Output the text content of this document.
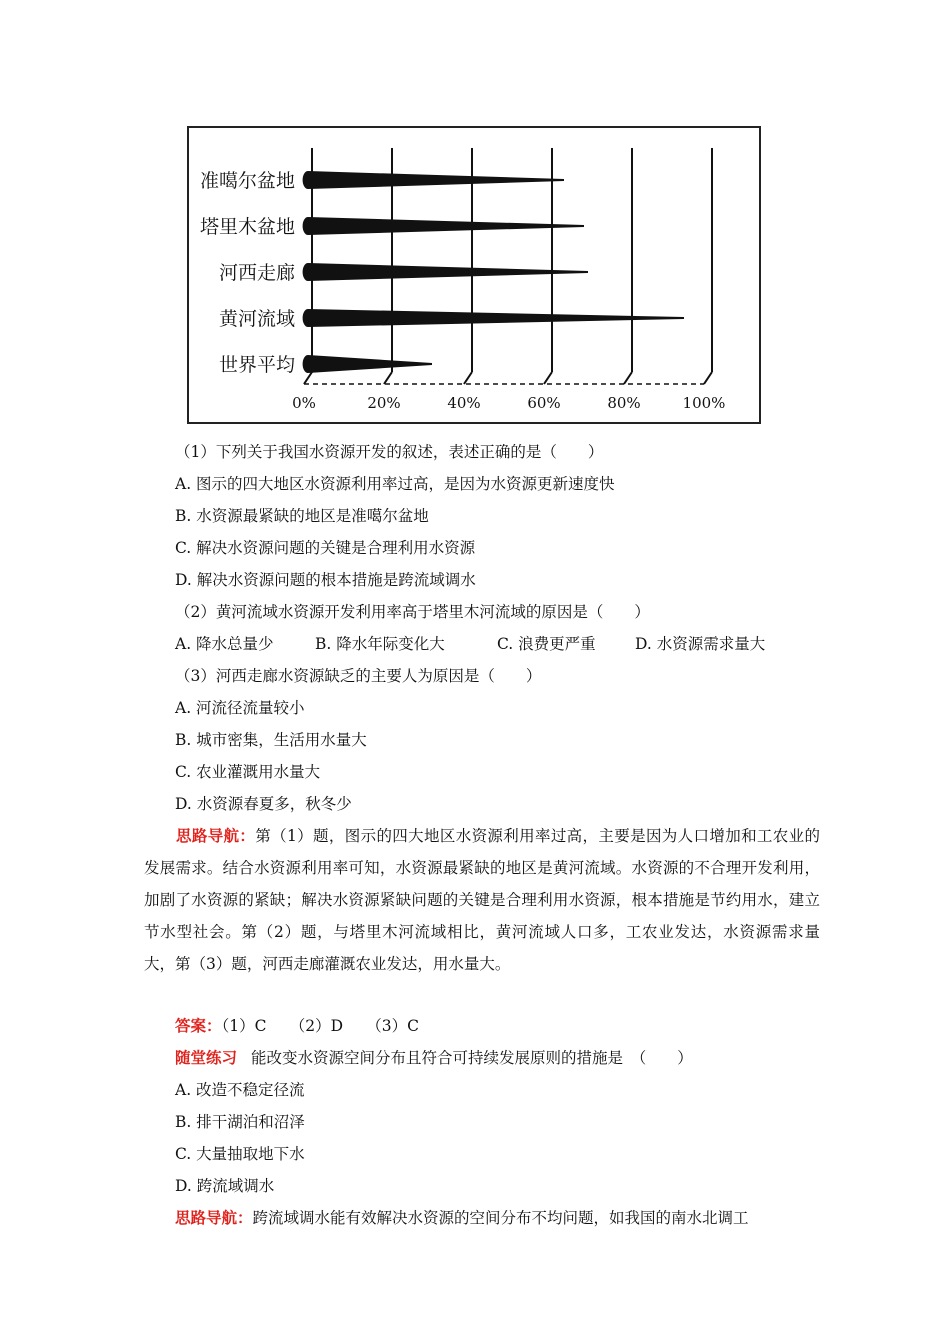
0%	20%	40%	60%	80%	100%
准噶尔盆地
塔里木盆地
河西走廊
黄河流域
世界平均
（1）下列关于我国水资源开发的叙述，表述正确的是（　　）
A. 图示的四大地区水资源利用率过高，是因为水资源更新速度快
B. 水资源最紧缺的地区是准噶尔盆地
C. 解决水资源问题的关键是合理利用水资源
D. 解决水资源问题的根本措施是跨流域调水
（2）黄河流域水资源开发利用率高于塔里木河流域的原因是（　　）
A. 降水总量少	B. 降水年际变化大	C. 浪费更严重	D. 水资源需求量大
（3）河西走廊水资源缺乏的主要人为原因是（　　）
A. 河流径流量较小
B. 城市密集，生活用水量大
C. 农业灌溉用水量大
D. 水资源春夏多，秋冬少
思路导航：第（1）题，图示的四大地区水资源利用率过高，主要是因为人口增加和工农业的发展需求。结合水资源利用率可知，水资源最紧缺的地区是黄河流域。水资源的不合理开发利用，加剧了水资源的紧缺；解决水资源紧缺问题的关键是合理利用水资源，根本措施是节约用水，建立节水型社会。第（2）题，与塔里木河流域相比，黄河流域人口多，工农业发达，水资源需求量大，第（3）题，河西走廊灌溉农业发达，用水量大。
答案：（1）C　　（2）D　　（3）C
随堂练习 能改变水资源空间分布且符合可持续发展原则的措施是　（　　）
A. 改造不稳定径流
B. 排干湖泊和沼泽
C. 大量抽取地下水
D. 跨流域调水
思路导航：跨流域调水能有效解决水资源的空间分布不均问题，如我国的南水北调工
